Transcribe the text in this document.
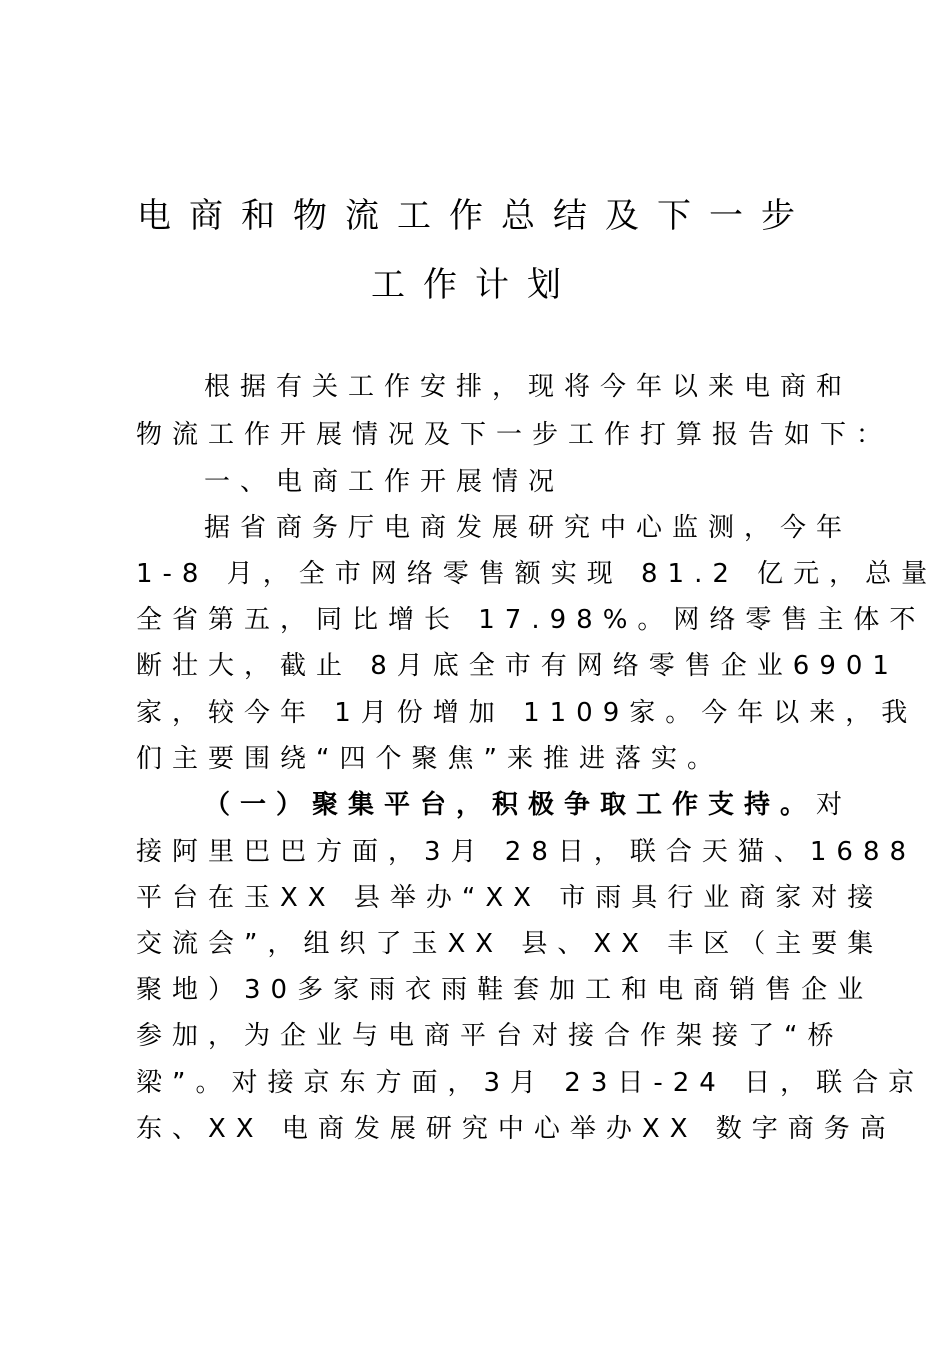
电商和物流工作总结及下一步
工作计划
根据有关工作安排，现将今年以来电商和
物流工作开展情况及下一步工作打算报告如下：
一、电商工作开展情况
据省商务厅电商发展研究中心监测，今年
1-8 月，全市网络零售额实现 81.2 亿元，总量
全省第五，同比增长 17.98%。网络零售主体不
断壮大，截止 8月底全市有网络零售企业6901
家，较今年 1月份增加 1109家。今年以来，我
们主要围绕“四个聚焦”来推进落实。
（一）聚集平台，积极争取工作支持。对
接阿里巴巴方面，3月 28日，联合天猫、1688
平台在玉XX 县举办“XX 市雨具行业商家对接
交流会”，组织了玉XX 县、XX 丰区（主要集
聚地）30多家雨衣雨鞋套加工和电商销售企业
参加，为企业与电商平台对接合作架接了“桥
梁”。对接京东方面，3月 23日-24 日，联合京
东、XX 电商发展研究中心举办XX 数字商务高
